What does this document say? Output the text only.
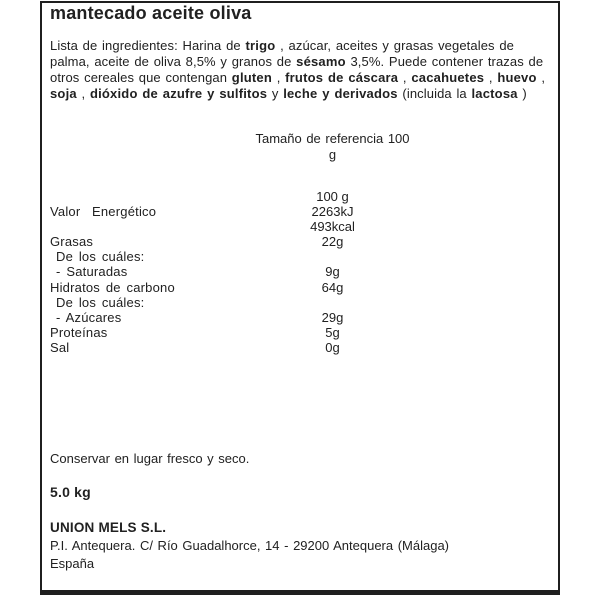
mantecado aceite oliva

Lista de ingredientes: Harina de trigo , azúcar, aceites y grasas vegetales de palma, aceite de oliva 8,5% y granos de sésamo 3,5%. Puede contener trazas de otros cereales que contengan gluten , frutos de cáscara , cacahuetes , huevo , soja , dióxido de azufre y sulfitos y leche y derivados (incluida la lactosa )

Tamaño de referencia 100
g
100 g
Valor  Energético	2263kJ
493kcal
Grasas	22g
De los cuáles:
- Saturadas	9g
Hidratos de carbono	64g
De los cuáles:
- Azúcares	29g
Proteínas	5g
Sal	0g
Conservar en lugar fresco y seco.
5.0 kg
UNION MELS S.L.
P.I. Antequera. C/ Río Guadalhorce, 14 - 29200 Antequera (Málaga)
España
